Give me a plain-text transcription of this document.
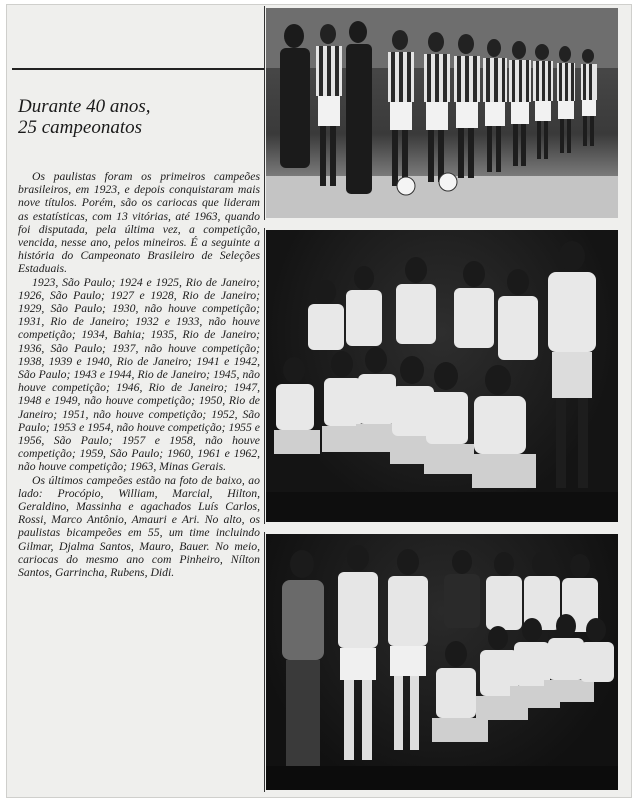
Durante 40 anos,
25 campeonatos

Os paulistas foram os primeiros campeões brasileiros, em 1923, e depois conquistaram mais nove títulos. Porém, são os cariocas que lideram as estatísticas, com 13 vitórias, até 1963, quando foi disputada, pela última vez, a competição, vencida, nesse ano, pelos mineiros. É a seguinte a história do Campeonato Brasileiro de Seleções Estaduais.

1923, São Paulo; 1924 e 1925, Rio de Janeiro; 1926, São Paulo; 1927 e 1928, Rio de Janeiro; 1929, São Paulo; 1930, não houve competição; 1931, Rio de Janeiro; 1932 e 1933, não houve competição; 1934, Bahia; 1935, Rio de Janeiro; 1936, São Paulo; 1937, não houve competição; 1938, 1939 e 1940, Rio de Janeiro; 1941 e 1942, São Paulo; 1943 e 1944, Rio de Janeiro; 1945, não houve competição; 1946, Rio de Janeiro; 1947, 1948 e 1949, não houve competição; 1950, Rio de Janeiro; 1951, não houve competição; 1952, São Paulo; 1953 e 1954, não houve competição; 1955 e 1956, São Paulo; 1957 e 1958, não houve competição; 1959, São Paulo; 1960, 1961 e 1962, não houve competição; 1963, Minas Gerais.

Os últimos campeões estão na foto de baixo, ao lado: Procópio, William, Marcial, Hilton, Geraldino, Massinha e agachados Luís Carlos, Rossi, Marco Antônio, Amauri e Ari. No alto, os paulistas bicampeões em 55, um time incluindo Gilmar, Djalma Santos, Mauro, Bauer. No meio, cariocas do mesmo ano com Pinheiro, Nílton Santos, Garrincha, Rubens, Didi.
